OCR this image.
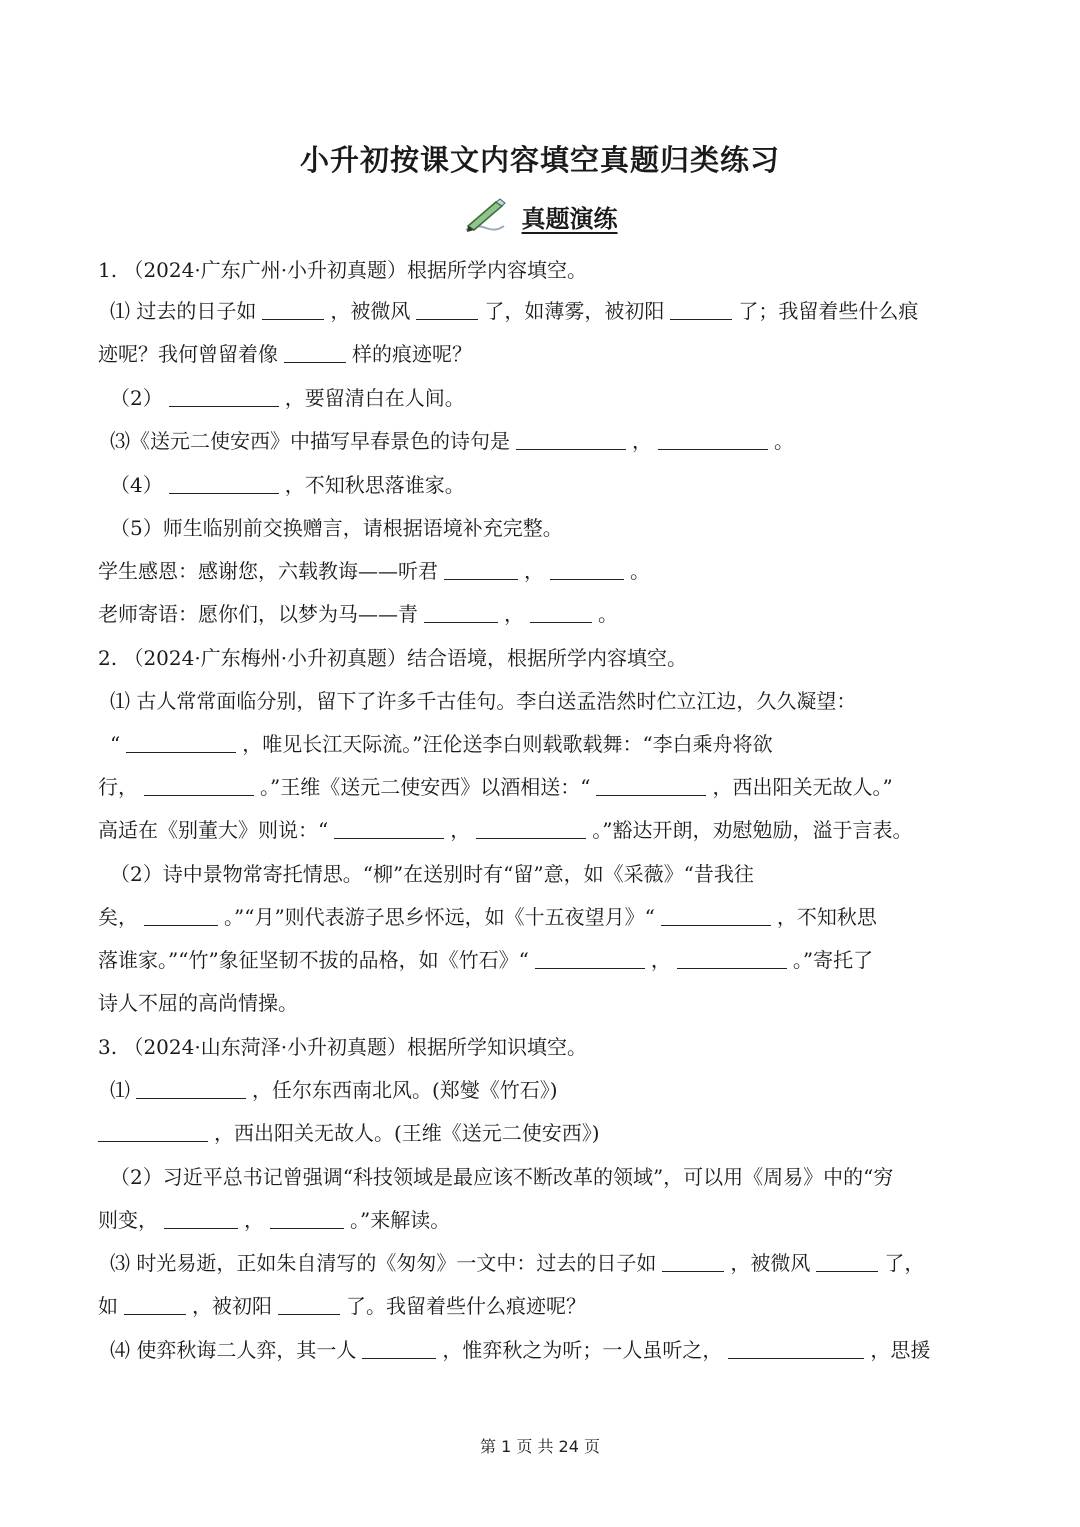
小升初按课文内容填空真题归类练习
真题演练
1. （2024·广东广州·小升初真题）根据所学内容填空。
⑴ 过去的日子如	，被微风	了，如薄雾，被初阳	了；我留着些什么痕
迹呢？我何曾留着像	样的痕迹呢？
（2）	，要留清白在人间。
⑶《送元二使安西》中描写早春景色的诗句是	，	。
（4）	，不知秋思落谁家。
（5）师生临别前交换赠言，请根据语境补充完整。
学生感恩：感谢您，六载教诲——听君	，	。
老师寄语：愿你们，以梦为马——青	，	。
2. （2024·广东梅州·小升初真题）结合语境，根据所学内容填空。
⑴ 古人常常面临分别，留下了许多千古佳句。李白送孟浩然时伫立江边，久久凝望：
“	，唯见长江天际流。”汪伦送李白则载歌载舞：“李白乘舟将欲
行，	。”王维《送元二使安西》以酒相送：“	，西出阳关无故人。”
高适在《别董大》则说：“	，	。”豁达开朗，劝慰勉励，溢于言表。
（2）诗中景物常寄托情思。“柳”在送别时有“留”意，如《采薇》“昔我往
矣，	。”“月”则代表游子思乡怀远，如《十五夜望月》“	，不知秋思
落谁家。”“竹”象征坚韧不拔的品格，如《竹石》“	，	。”寄托了
诗人不屈的高尚情操。
3. （2024·山东菏泽·小升初真题）根据所学知识填空。
⑴	，任尔东西南北风。(郑燮《竹石》)
，西出阳关无故人。(王维《送元二使安西》)
（2）习近平总书记曾强调“科技领域是最应该不断改革的领域”，可以用《周易》中的“穷
则变，	，	。”来解读。
⑶ 时光易逝，正如朱自清写的《匆匆》一文中：过去的日子如	，被微风	了，
如	，被初阳	了。我留着些什么痕迹呢？
⑷ 使弈秋诲二人弈，其一人	，惟弈秋之为听；一人虽听之，	，思援
第 1 页 共 24 页
